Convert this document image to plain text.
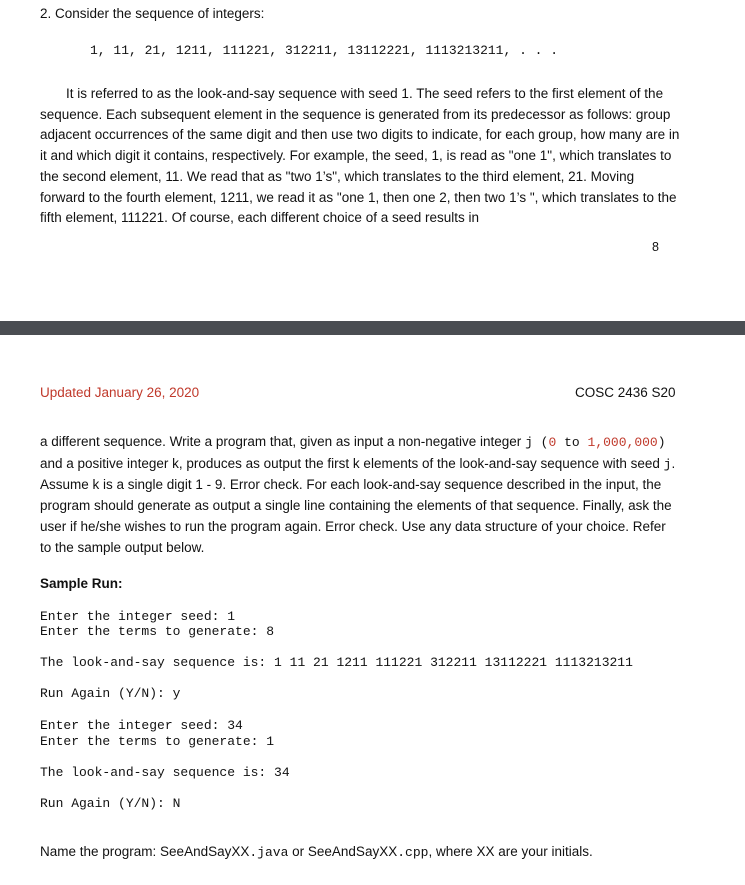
2. Consider the sequence of integers:
1, 11, 21, 1211, 111221, 312211, 13112221, 1113213211, . . .
It is referred to as the look-and-say sequence with seed 1. The seed refers to the first element of the sequence. Each subsequent element in the sequence is generated from its predecessor as follows: group adjacent occurrences of the same digit and then use two digits to indicate, for each group, how many are in it and which digit it contains, respectively. For example, the seed, 1, is read as "one 1", which translates to the second element, 11. We read that as "two 1’s", which translates to the third element, 21. Moving forward to the fourth element, 1211, we read it as "one 1, then one 2, then two 1’s ", which translates to the fifth element, 111221. Of course, each different choice of a seed results in
8
Updated January 26, 2020	COSC 2436 S20
a different sequence. Write a program that, given as input a non-negative integer j (0 to 1,000,000) and a positive integer k, produces as output the first k elements of the look-and-say sequence with seed j. Assume k is a single digit 1 - 9. Error check. For each look-and-say sequence described in the input, the program should generate as output a single line containing the elements of that sequence. Finally, ask the user if he/she wishes to run the program again. Error check. Use any data structure of your choice. Refer to the sample output below.
Sample Run:
Enter the integer seed: 1
Enter the terms to generate: 8
The look-and-say sequence is: 1 11 21 1211 111221 312211 13112221 1113213211
Run Again (Y/N): y
Enter the integer seed: 34
Enter the terms to generate: 1
The look-and-say sequence is: 34
Run Again (Y/N): N
Name the program: SeeAndSayXX.java or SeeAndSayXX.cpp, where XX are your initials.
